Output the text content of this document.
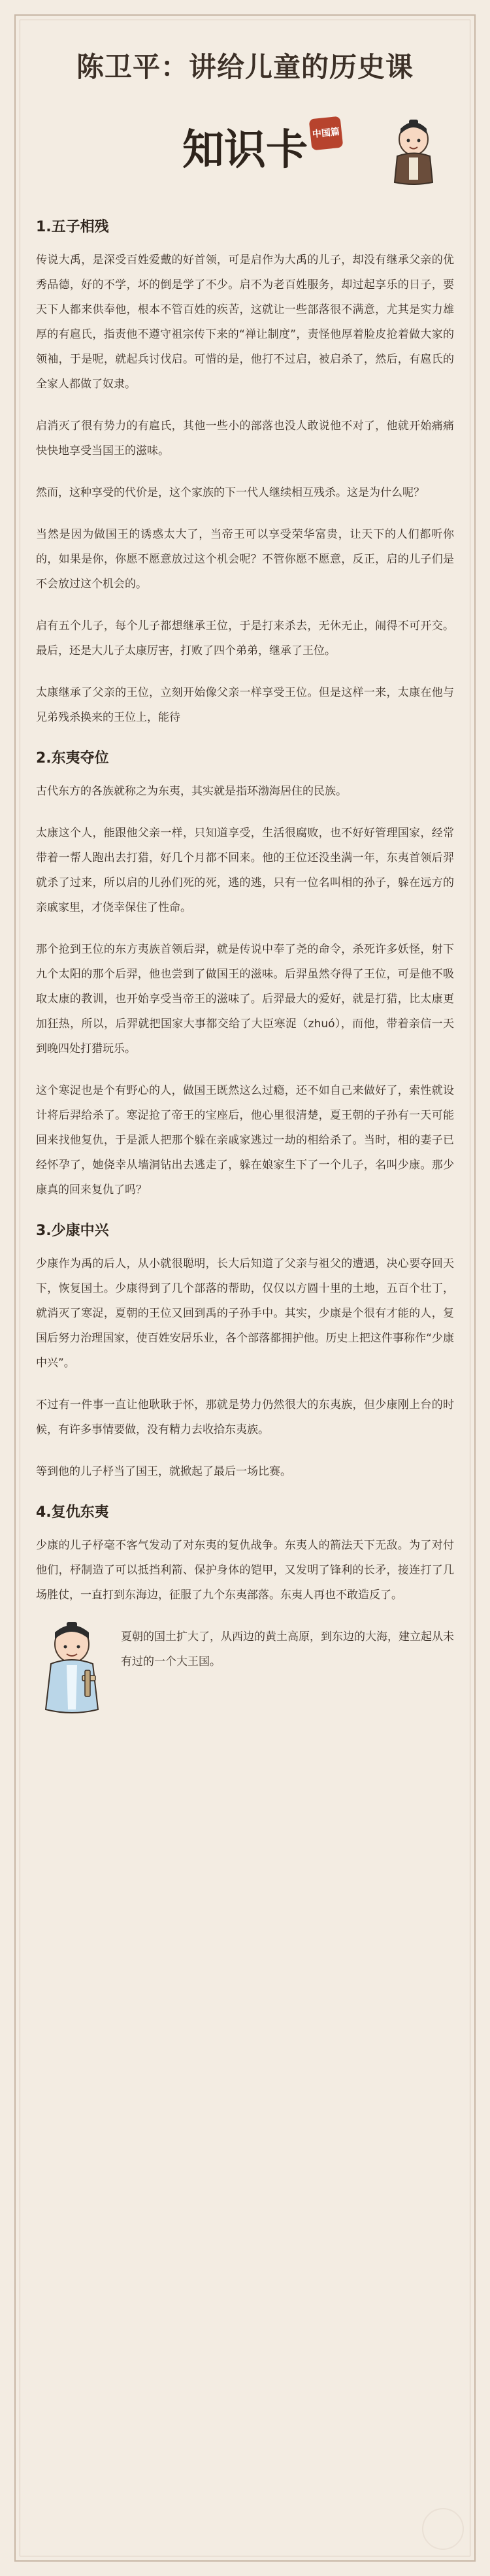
陈卫平：讲给儿童的历史课
知识卡 中国篇
1.五子相残

传说大禹，是深受百姓爱戴的好首领，可是启作为大禹的儿子，却没有继承父亲的优秀品德，好的不学，坏的倒是学了不少。启不为老百姓服务，却过起享乐的日子，要天下人都来供奉他，根本不管百姓的疾苦，这就让一些部落很不满意，尤其是实力雄厚的有扈氏，指责他不遵守祖宗传下来的“禅让制度”，责怪他厚着脸皮抢着做大家的领袖，于是呢，就起兵讨伐启。可惜的是，他打不过启，被启杀了，然后，有扈氏的全家人都做了奴隶。

启消灭了很有势力的有扈氏，其他一些小的部落也没人敢说他不对了，他就开始痛痛快快地享受当国王的滋味。

然而，这种享受的代价是，这个家族的下一代人继续相互残杀。这是为什么呢？

当然是因为做国王的诱惑太大了，当帝王可以享受荣华富贵，让天下的人们都听你的，如果是你，你愿不愿意放过这个机会呢？不管你愿不愿意，反正，启的儿子们是不会放过这个机会的。

启有五个儿子，每个儿子都想继承王位，于是打来杀去，无休无止，闹得不可开交。最后，还是大儿子太康厉害，打败了四个弟弟，继承了王位。

太康继承了父亲的王位，立刻开始像父亲一样享受王位。但是这样一来，太康在他与兄弟残杀换来的王位上，能待

2.东夷夺位

古代东方的各族就称之为东夷，其实就是指环渤海居住的民族。

太康这个人，能跟他父亲一样，只知道享受，生活很腐败，也不好好管理国家，经常带着一帮人跑出去打猎，好几个月都不回来。他的王位还没坐满一年，东夷首领后羿就杀了过来，所以启的儿孙们死的死，逃的逃，只有一位名叫相的孙子，躲在远方的亲戚家里，才侥幸保住了性命。

那个抢到王位的东方夷族首领后羿，就是传说中奉了尧的命令，杀死许多妖怪，射下九个太阳的那个后羿，他也尝到了做国王的滋味。后羿虽然夺得了王位，可是他不吸取太康的教训，也开始享受当帝王的滋味了。后羿最大的爱好，就是打猎，比太康更加狂热，所以，后羿就把国家大事都交给了大臣寒浞（zhuó），而他，带着亲信一天到晚四处打猎玩乐。

这个寒浞也是个有野心的人，做国王既然这么过瘾，还不如自己来做好了，索性就设计将后羿给杀了。寒浞抢了帝王的宝座后，他心里很清楚，夏王朝的子孙有一天可能回来找他复仇，于是派人把那个躲在亲戚家逃过一劫的相给杀了。当时，相的妻子已经怀孕了，她侥幸从墙洞钻出去逃走了，躲在娘家生下了一个儿子，名叫少康。那少康真的回来复仇了吗？

3.少康中兴

少康作为禹的后人，从小就很聪明，长大后知道了父亲与祖父的遭遇，决心要夺回天下，恢复国土。少康得到了几个部落的帮助，仅仅以方圆十里的土地，五百个壮丁，就消灭了寒浞，夏朝的王位又回到禹的子孙手中。其实，少康是个很有才能的人，复国后努力治理国家，使百姓安居乐业，各个部落都拥护他。历史上把这件事称作“少康中兴”。

不过有一件事一直让他耿耿于怀，那就是势力仍然很大的东夷族，但少康刚上台的时候，有许多事情要做，没有精力去收拾东夷族。

等到他的儿子杼当了国王，就掀起了最后一场比赛。

4.复仇东夷

少康的儿子杼毫不客气发动了对东夷的复仇战争。东夷人的箭法天下无敌。为了对付他们，杼制造了可以抵挡利箭、保护身体的铠甲，又发明了锋利的长矛，接连打了几场胜仗，一直打到东海边，征服了九个东夷部落。东夷人再也不敢造反了。

夏朝的国土扩大了，从西边的黄土高原，到东边的大海，建立起从未有过的一个大王国。
